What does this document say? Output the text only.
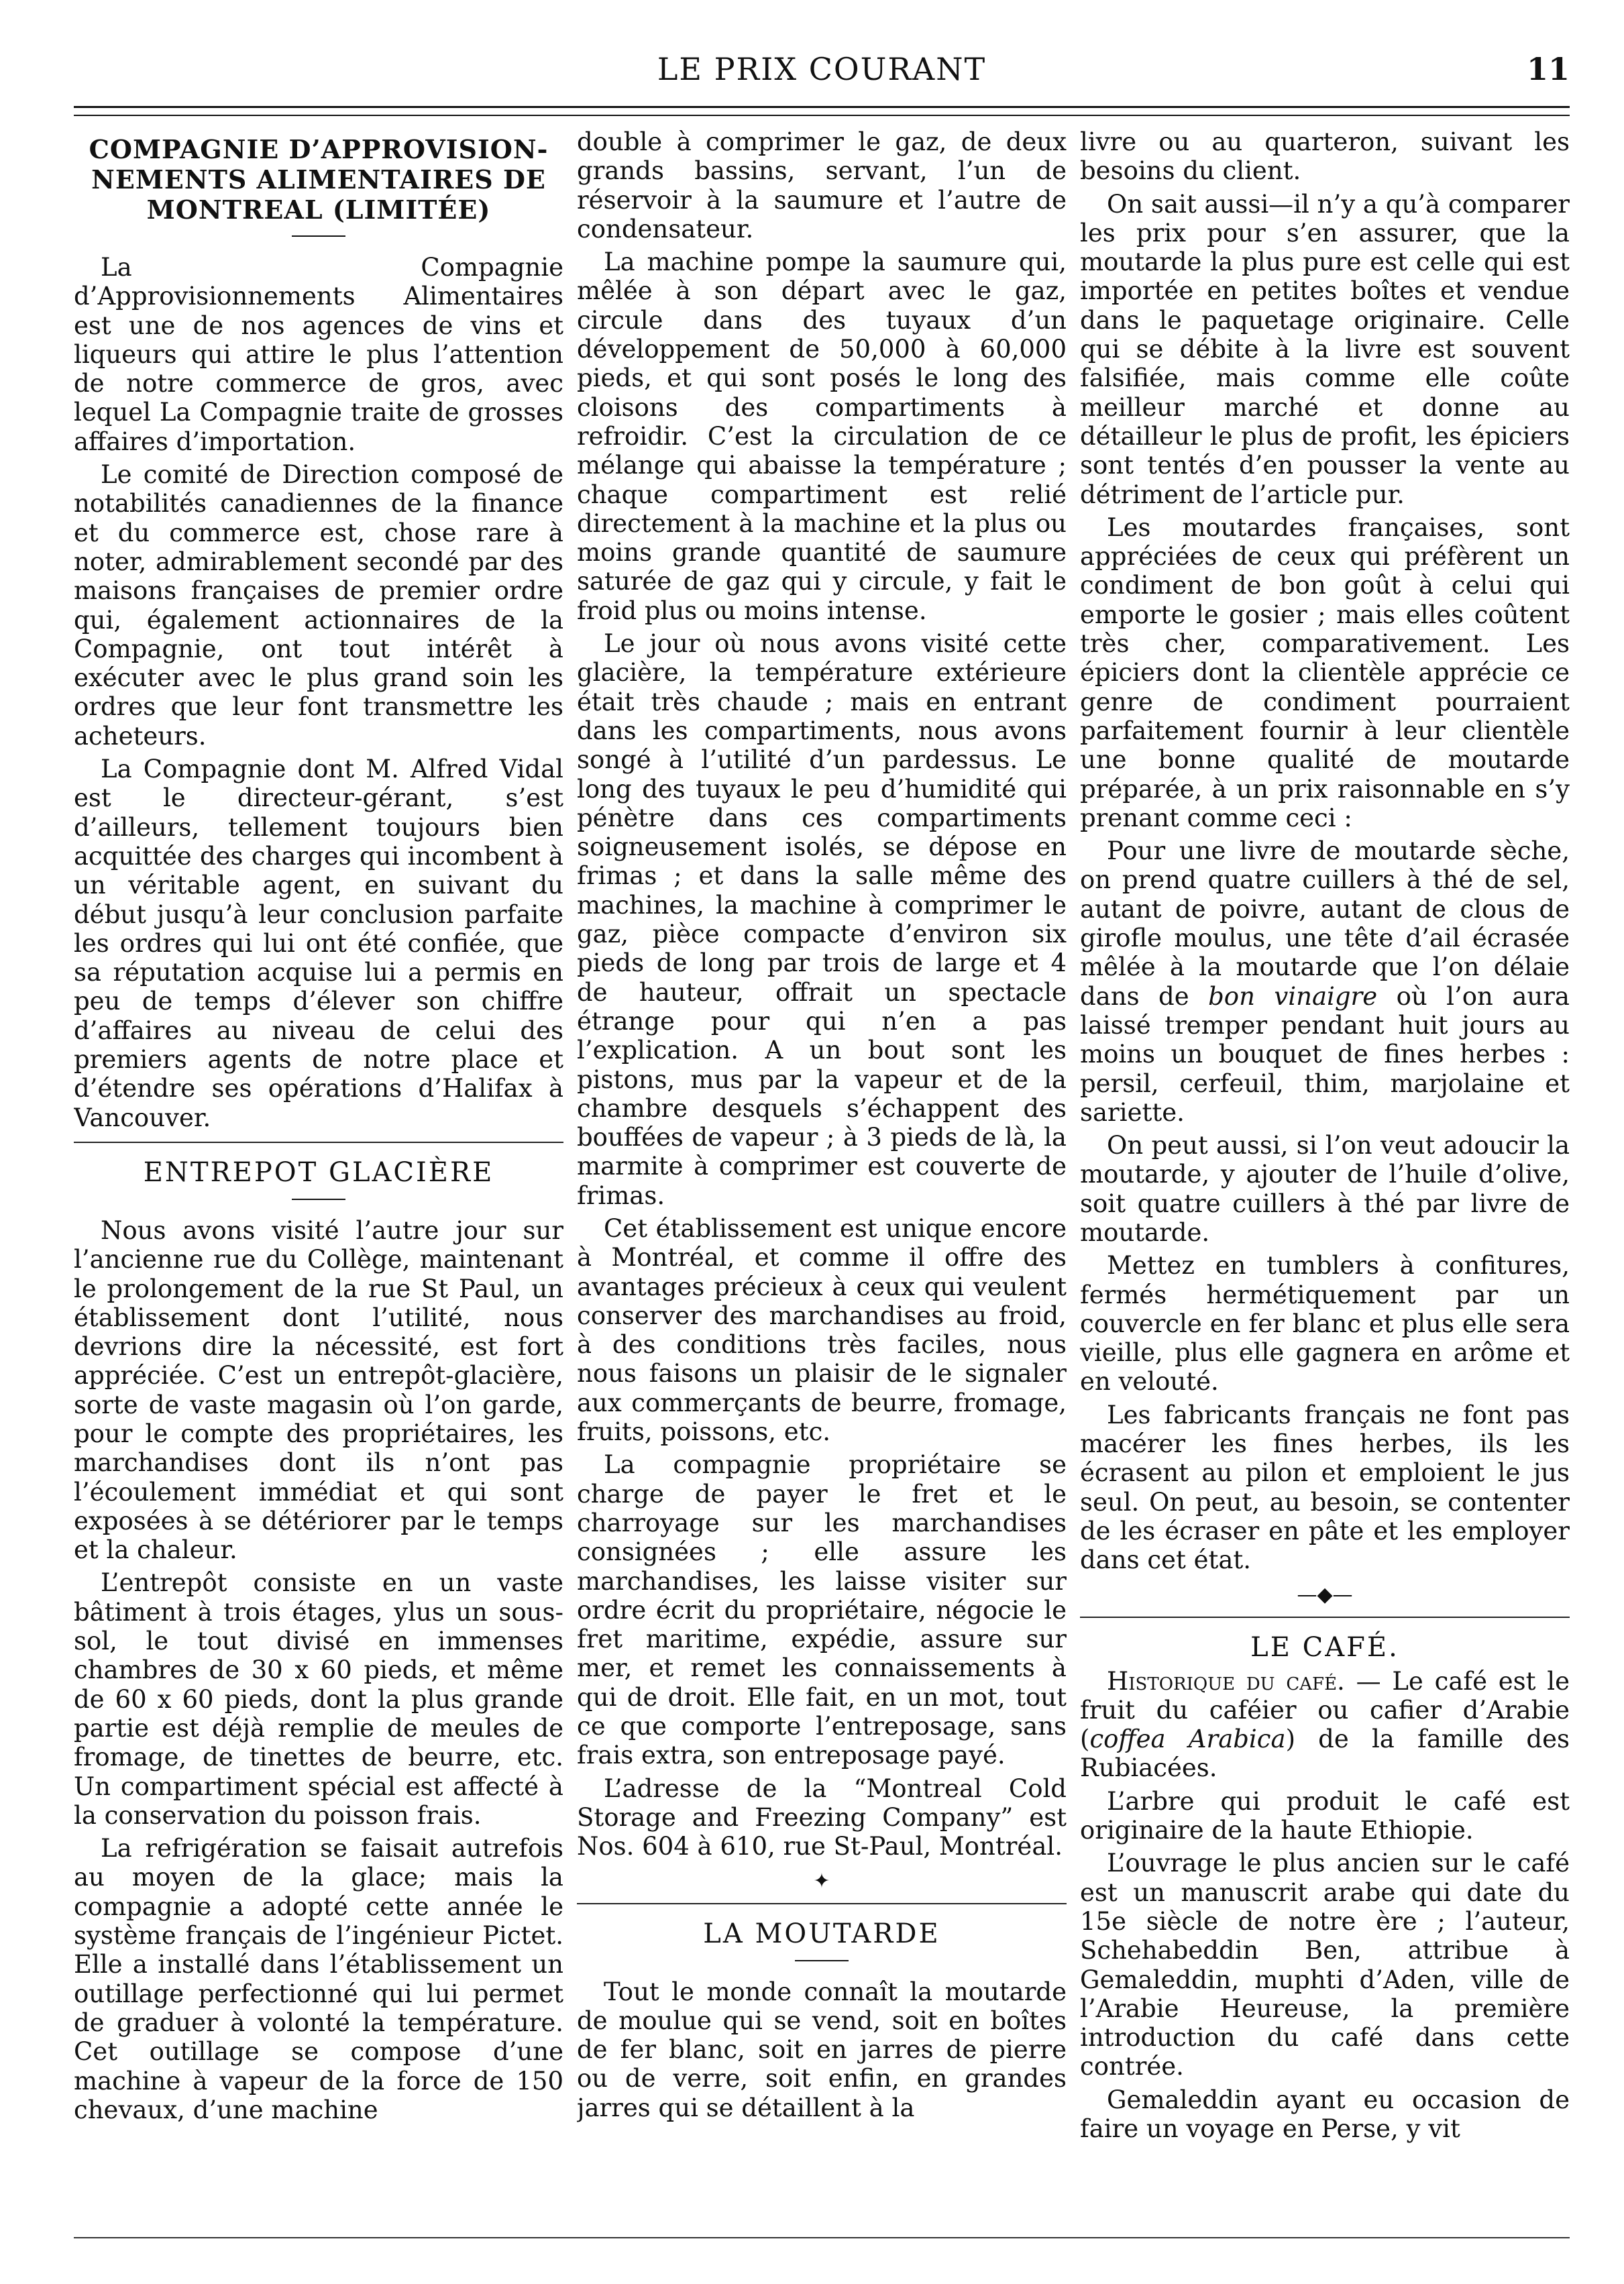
LE PRIX COURANT	11
COMPAGNIE D’APPROVISION-NEMENTS ALIMENTAIRES DE MONTREAL (LIMITÉE)

La Compagnie d’Approvisionnements Alimentaires est une de nos agences de vins et liqueurs qui attire le plus l’attention de notre commerce de gros, avec lequel La Compagnie traite de grosses affaires d’importation.

Le comité de Direction composé de notabilités canadiennes de la finance et du commerce est, chose rare à noter, admirablement secondé par des maisons françaises de premier ordre qui, également actionnaires de la Compagnie, ont tout intérêt à exécuter avec le plus grand soin les ordres que leur font transmettre les acheteurs.

La Compagnie dont M. Alfred Vidal est le directeur-gérant, s’est d’ailleurs, tellement toujours bien acquittée des charges qui incombent à un véritable agent, en suivant du début jusqu’à leur conclusion parfaite les ordres qui lui ont été confiée, que sa réputation acquise lui a permis en peu de temps d’élever son chiffre d’affaires au niveau de celui des premiers agents de notre place et d’étendre ses opérations d’Halifax à Vancouver.

ENTREPOT GLACIÈRE

Nous avons visité l’autre jour sur l’ancienne rue du Collège, maintenant le prolongement de la rue St Paul, un établissement dont l’utilité, nous devrions dire la nécessité, est fort appréciée. C’est un entrepôt-glacière, sorte de vaste magasin où l’on garde, pour le compte des propriétaires, les marchandises dont ils n’ont pas l’écoulement immédiat et qui sont exposées à se détériorer par le temps et la chaleur.

L’entrepôt consiste en un vaste bâtiment à trois étages, ylus un sous-sol, le tout divisé en immenses chambres de 30 x 60 pieds, et même de 60 x 60 pieds, dont la plus grande partie est déjà remplie de meules de fromage, de tinettes de beurre, etc. Un compartiment spécial est affecté à la conservation du poisson frais.

La refrigération se faisait autrefois au moyen de la glace; mais la compagnie a adopté cette année le système français de l’ingénieur Pictet. Elle a installé dans l’établissement un outillage perfectionné qui lui permet de graduer à volonté la température. Cet outillage se compose d’une machine à vapeur de la force de 150 chevaux, d’une machine

double à comprimer le gaz, de deux grands bassins, servant, l’un de réservoir à la saumure et l’autre de condensateur.

La machine pompe la saumure qui, mêlée à son départ avec le gaz, circule dans des tuyaux d’un développement de 50,000 à 60,000 pieds, et qui sont posés le long des cloisons des compartiments à refroidir. C’est la circulation de ce mélange qui abaisse la température ; chaque compartiment est relié directement à la machine et la plus ou moins grande quantité de saumure saturée de gaz qui y circule, y fait le froid plus ou moins intense.

Le jour où nous avons visité cette glacière, la température extérieure était très chaude ; mais en entrant dans les compartiments, nous avons songé à l’utilité d’un pardessus. Le long des tuyaux le peu d’humidité qui pénètre dans ces compartiments soigneusement isolés, se dépose en frimas ; et dans la salle même des machines, la machine à comprimer le gaz, pièce compacte d’environ six pieds de long par trois de large et 4 de hauteur, offrait un spectacle étrange pour qui n’en a pas l’explication. A un bout sont les pistons, mus par la vapeur et de la chambre desquels s’échappent des bouffées de vapeur ; à 3 pieds de là, la marmite à comprimer est couverte de frimas.

Cet établissement est unique encore à Montréal, et comme il offre des avantages précieux à ceux qui veulent conserver des marchandises au froid, à des conditions très faciles, nous nous faisons un plaisir de le signaler aux commerçants de beurre, fromage, fruits, poissons, etc.

La compagnie propriétaire se charge de payer le fret et le charroyage sur les marchandises consignées ; elle assure les marchandises, les laisse visiter sur ordre écrit du propriétaire, négocie le fret maritime, expédie, assure sur mer, et remet les connaissements à qui de droit. Elle fait, en un mot, tout ce que comporte l’entreposage, sans frais extra, son entreposage payé.

L’adresse de la “Montreal Cold Storage and Freezing Company” est Nos. 604 à 610, rue St-Paul, Montréal.

✦
LA MOUTARDE

Tout le monde connaît la moutarde de moulue qui se vend, soit en boîtes de fer blanc, soit en jarres de pierre ou de verre, soit enfin, en grandes jarres qui se détaillent à la

livre ou au quarteron, suivant les besoins du client.

On sait aussi—il n’y a qu’à comparer les prix pour s’en assurer, que la moutarde la plus pure est celle qui est importée en petites boîtes et vendue dans le paquetage originaire. Celle qui se débite à la livre est souvent falsifiée, mais comme elle coûte meilleur marché et donne au détailleur le plus de profit, les épiciers sont tentés d’en pousser la vente au détriment de l’article pur.

Les moutardes françaises, sont appréciées de ceux qui préfèrent un condiment de bon goût à celui qui emporte le gosier ; mais elles coûtent très cher, comparativement. Les épiciers dont la clientèle apprécie ce genre de condiment pourraient parfaitement fournir à leur clientèle une bonne qualité de moutarde préparée, à un prix raisonnable en s’y prenant comme ceci :

Pour une livre de moutarde sèche, on prend quatre cuillers à thé de sel, autant de poivre, autant de clous de girofle moulus, une tête d’ail écrasée mêlée à la moutarde que l’on délaie dans de bon vinaigre où l’on aura laissé tremper pendant huit jours au moins un bouquet de fines herbes : persil, cerfeuil, thim, marjolaine et sariette.

On peut aussi, si l’on veut adoucir la moutarde, y ajouter de l’huile d’olive, soit quatre cuillers à thé par livre de moutarde.

Mettez en tumblers à confitures, fermés hermétiquement par un couvercle en fer blanc et plus elle sera vieille, plus elle gagnera en arôme et en velouté.

Les fabricants français ne font pas macérer les fines herbes, ils les écrasent au pilon et emploient le jus seul. On peut, au besoin, se contenter de les écraser en pâte et les employer dans cet état.

—◆—
LE CAFÉ.

Historique du café. — Le café est le fruit du caféier ou cafier d’Arabie (coffea Arabica) de la famille des Rubiacées.

L’arbre qui produit le café est originaire de la haute Ethiopie.

L’ouvrage le plus ancien sur le café est un manuscrit arabe qui date du 15e siècle de notre ère ; l’auteur, Schehabeddin Ben, attribue à Gemaleddin, muphti d’Aden, ville de l’Arabie Heureuse, la première introduction du café dans cette contrée.

Gemaleddin ayant eu occasion de faire un voyage en Perse, y vit
